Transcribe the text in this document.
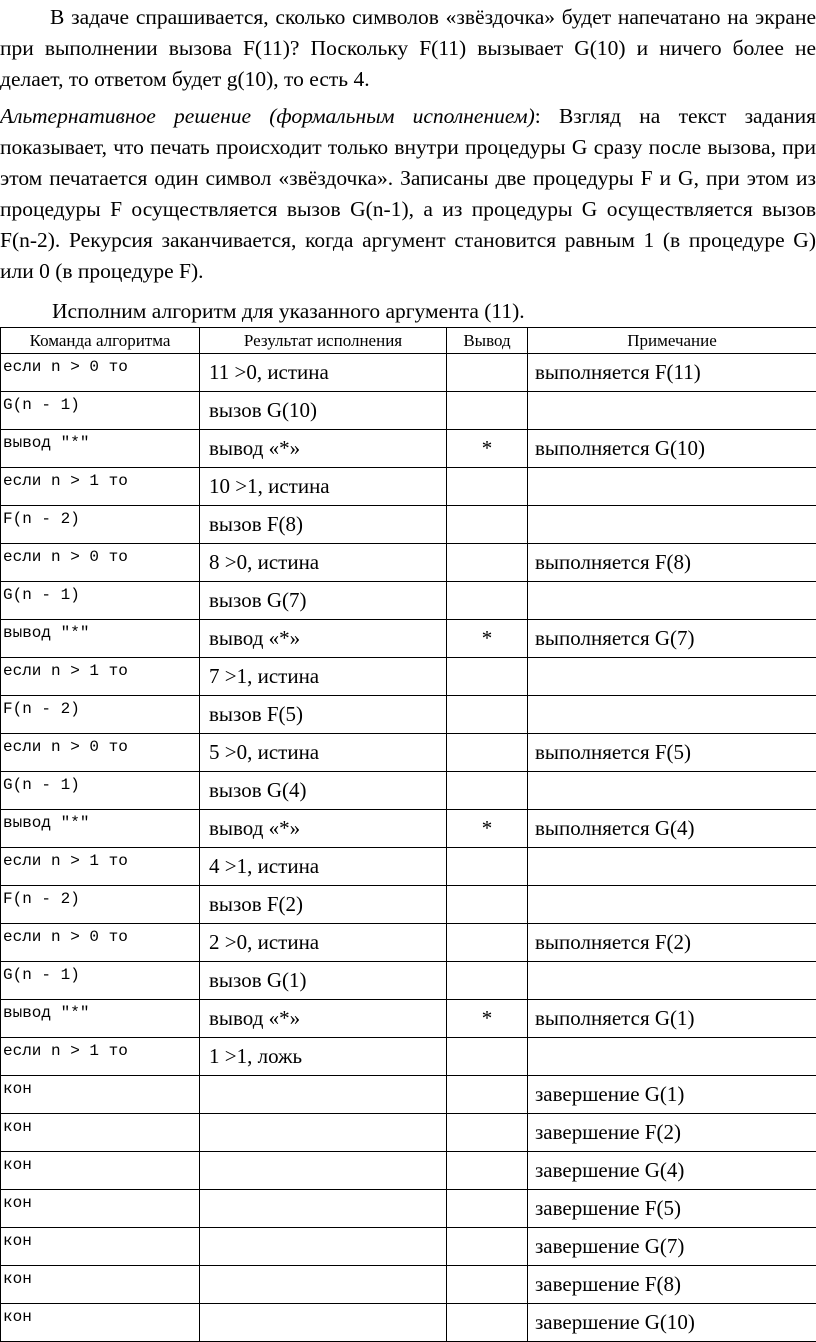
В задаче спрашивается, сколько символов «звёздочка» будет напечатано на экране при выполнении вызова F(11)? Поскольку F(11) вызывает G(10) и ничего более не делает, то ответом будет g(10), то есть 4.
Альтернативное решение (формальным исполнением): Взгляд на текст задания показывает, что печать происходит только внутри процедуры G сразу после вызова, при этом печатается один символ «звёздочка». Записаны две процедуры F и G, при этом из процедуры F осуществляется вызов G(n-1), а из процедуры G осуществляется вызов F(n-2). Рекурсия заканчивается, когда аргумент становится равным 1 (в процедуре G) или 0 (в процедуре F).
Исполним алгоритм для указанного аргумента (11).
Команда алгоритма	Результат исполнения	Вывод	Примечание
если n > 0 то	11 >0, истина		выполняется F(11)
G(n - 1)	вызов G(10)		
вывод "*"	вывод «*»	*	выполняется G(10)
если n > 1 то	10 >1, истина		
F(n - 2)	вызов F(8)		
если n > 0 то	8 >0, истина		выполняется F(8)
G(n - 1)	вызов G(7)		
вывод "*"	вывод «*»	*	выполняется G(7)
если n > 1 то	7 >1, истина		
F(n - 2)	вызов F(5)		
если n > 0 то	5 >0, истина		выполняется F(5)
G(n - 1)	вызов G(4)		
вывод "*"	вывод «*»	*	выполняется G(4)
если n > 1 то	4 >1, истина		
F(n - 2)	вызов F(2)		
если n > 0 то	2 >0, истина		выполняется F(2)
G(n - 1)	вызов G(1)		
вывод "*"	вывод «*»	*	выполняется G(1)
если n > 1 то	1 >1, ложь		
кон			завершение G(1)
кон			завершение F(2)
кон			завершение G(4)
кон			завершение F(5)
кон			завершение G(7)
кон			завершение F(8)
кон			завершение G(10)
